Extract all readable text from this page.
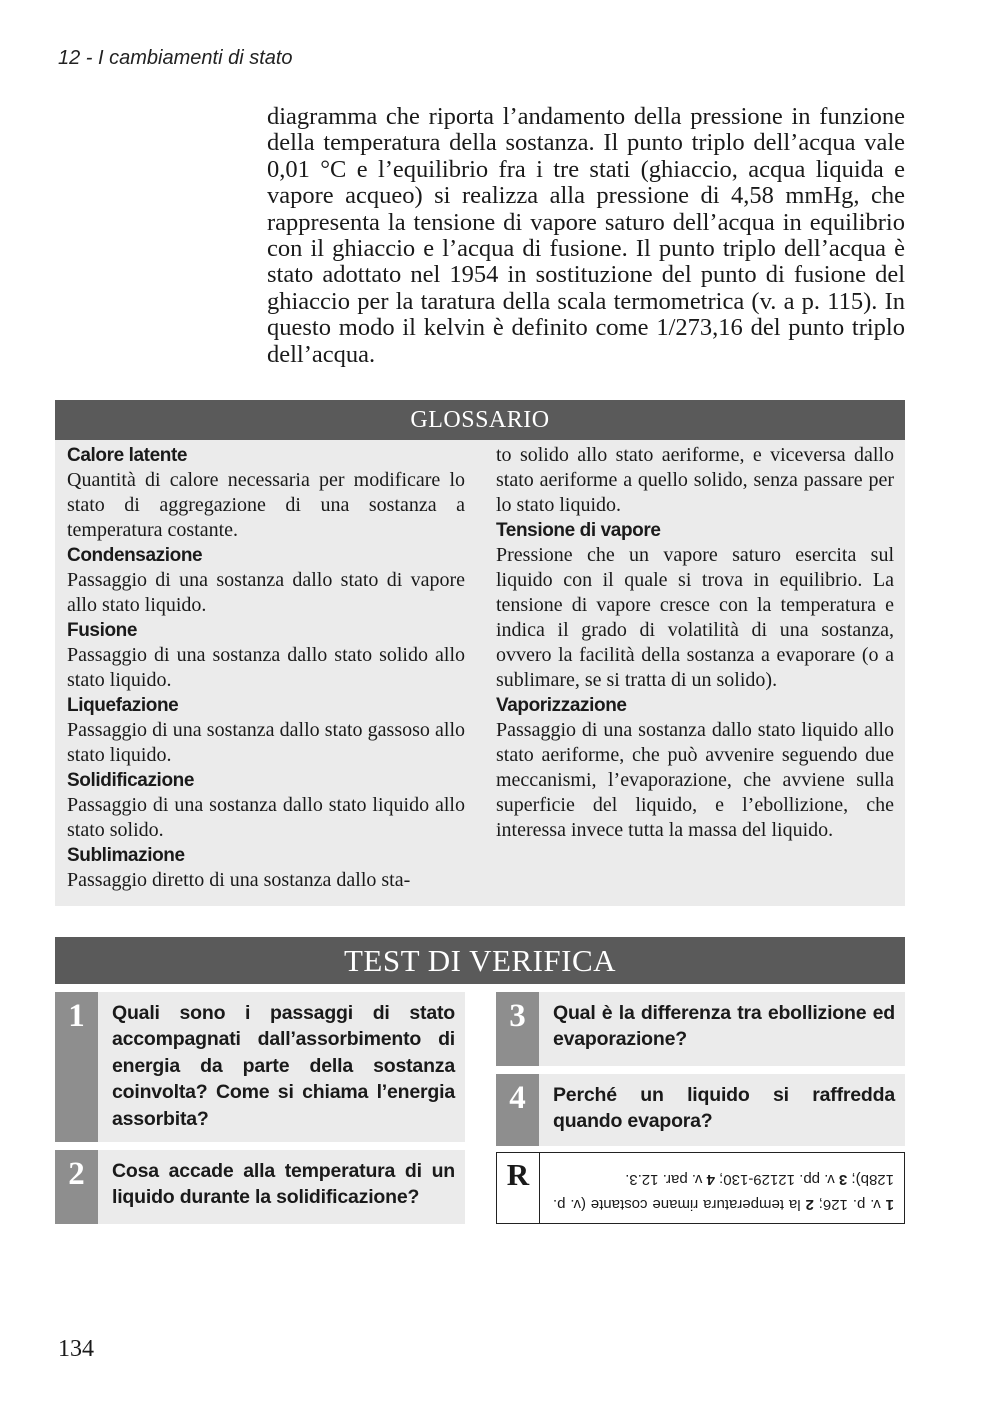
12 - I cambiamenti di stato

diagramma che riporta l’andamento della pressione in funzione della temperatura della sostanza. Il punto triplo dell’acqua vale 0,01 °C e l’equilibrio fra i tre stati (ghiaccio, acqua liquida e vapore acqueo) si realizza alla pressione di 4,58 mmHg, che rappresenta la tensione di vapore saturo dell’acqua in equilibrio con il ghiaccio e l’acqua di fusione. Il punto triplo dell’acqua è stato adottato nel 1954 in sostituzione del punto di fusione del ghiaccio per la taratura della scala termometrica (v. a p. 115). In questo modo il kelvin è definito come 1/273,16 del punto triplo dell’acqua.

GLOSSARIO
Calore latente
Quantità di calore necessaria per modificare lo stato di aggregazione di una sostanza a temperatura costante.
Condensazione
Passaggio di una sostanza dallo stato di vapore allo stato liquido.
Fusione
Passaggio di una sostanza dallo stato solido allo stato liquido.
Liquefazione
Passaggio di una sostanza dallo stato gassoso allo stato liquido.
Solidificazione
Passaggio di una sostanza dallo stato liquido allo stato solido.
Sublimazione
Passaggio diretto di una sostanza dallo sta-
to solido allo stato aeriforme, e viceversa dallo stato aeriforme a quello solido, senza passare per lo stato liquido.
Tensione di vapore
Pressione che un vapore saturo esercita sul liquido con il quale si trova in equilibrio. La tensione di vapore cresce con la temperatura e indica il grado di volatilità di una sostanza, ovvero la facilità della sostanza a evaporare (o a sublimare, se si tratta di un solido).
Vaporizzazione
Passaggio di una sostanza dallo stato liquido allo stato aeriforme, che può avvenire seguendo due meccanismi, l’evaporazione, che avviene sulla superficie del liquido, e l’ebollizione, che interessa invece tutta la massa del liquido.
TEST DI VERIFICA
1	Quali sono i passaggi di stato accompagnati dall’assorbimento di energia da parte della sostanza coinvolta? Come si chiama l’energia assorbita?
2	Cosa accade alla temperatura di un liquido durante la solidificazione?
3	Qual è la differenza tra ebollizione ed evaporazione?
4	Perché un liquido si raffredda quando evapora?
R
1 v. p. 126; 2 la temperatura rimane costante (v. p. 128b); 3 v. pp. 12129-130; 4 v. par. 12.3.
134
